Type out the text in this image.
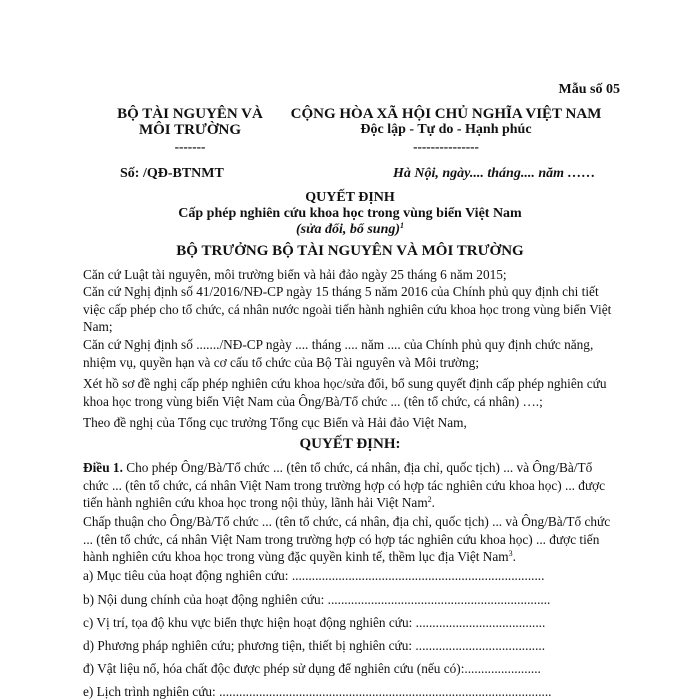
Mẫu số 05
BỘ TÀI NGUYÊN VÀ
MÔI TRƯỜNG
-------
CỘNG HÒA XÃ HỘI CHỦ NGHĨA VIỆT NAM
Độc lập - Tự do - Hạnh phúc
---------------
Số: /QĐ-BTNMT	Hà Nội, ngày.... tháng.... năm ……
QUYẾT ĐỊNH
Cấp phép nghiên cứu khoa học trong vùng biển Việt Nam
(sửa đổi, bổ sung)$^1$
BỘ TRƯỞNG BỘ TÀI NGUYÊN VÀ MÔI TRƯỜNG

Căn cứ Luật tài nguyên, môi trường biển và hải đảo ngày 25 tháng 6 năm 2015;

Căn cứ Nghị định số 41/2016/NĐ-CP ngày 15 tháng 5 năm 2016 của Chính phủ quy định chi tiết việc cấp phép cho tổ chức, cá nhân nước ngoài tiến hành nghiên cứu khoa học trong vùng biển Việt Nam;

Căn cứ Nghị định số ......./NĐ-CP ngày .... tháng .... năm .... của Chính phủ quy định chức năng, nhiệm vụ, quyền hạn và cơ cấu tổ chức của Bộ Tài nguyên và Môi trường;

Xét hồ sơ đề nghị cấp phép nghiên cứu khoa học/sửa đổi, bổ sung quyết định cấp phép nghiên cứu khoa học trong vùng biển Việt Nam của Ông/Bà/Tổ chức ... (tên tổ chức, cá nhân) ….;

Theo đề nghị của Tổng cục trưởng Tổng cục Biển và Hải đảo Việt Nam,

QUYẾT ĐỊNH:

Điều 1. Cho phép Ông/Bà/Tổ chức ... (tên tổ chức, cá nhân, địa chỉ, quốc tịch) ... và Ông/Bà/Tổ chức ... (tên tổ chức, cá nhân Việt Nam trong trường hợp có hợp tác nghiên cứu khoa học) ... được tiến hành nghiên cứu khoa học trong nội thủy, lãnh hải Việt Nam$^2$.

Chấp thuận cho Ông/Bà/Tổ chức ... (tên tổ chức, cá nhân, địa chỉ, quốc tịch) ... và Ông/Bà/Tổ chức ... (tên tổ chức, cá nhân Việt Nam trong trường hợp có hợp tác nghiên cứu khoa học) ... được tiến hành nghiên cứu khoa học trong vùng đặc quyền kinh tế, thềm lục địa Việt Nam$^3$.

a) Mục tiêu của hoạt động nghiên cứu: ............................................................................
b) Nội dung chính của hoạt động nghiên cứu: ...................................................................
c) Vị trí, tọa độ khu vực biển thực hiện hoạt động nghiên cứu: .......................................
d) Phương pháp nghiên cứu; phương tiện, thiết bị nghiên cứu: .......................................
đ) Vật liệu nổ, hóa chất độc được phép sử dụng để nghiên cứu (nếu có):.......................
e) Lịch trình nghiên cứu: ....................................................................................................
